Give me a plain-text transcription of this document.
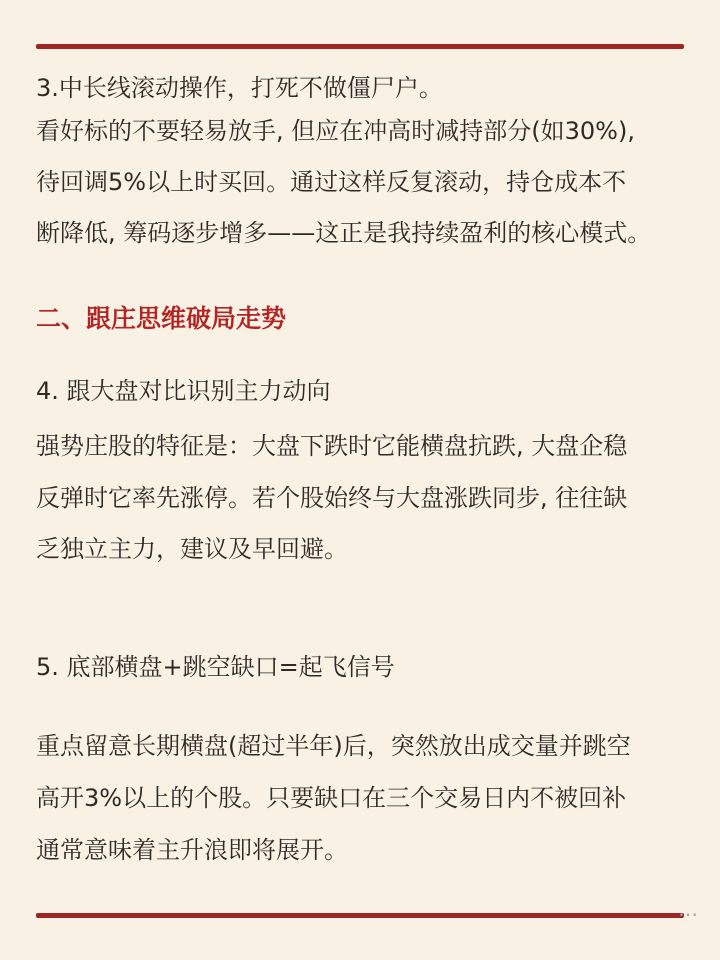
3.中长线滚动操作，打死不做僵尸户。
看好标的不要轻易放手, 但应在冲高时减持部分(如30%),
待回调5%以上时买回。通过这样反复滚动，持仓成本不
断降低, 筹码逐步增多——这正是我持续盈利的核心模式。
二、跟庄思维破局走势
4. 跟大盘对比识别主力动向
强势庄股的特征是：大盘下跌时它能横盘抗跌, 大盘企稳
反弹时它率先涨停。若个股始终与大盘涨跌同步, 往往缺
乏独立主力，建议及早回避。
5. 底部横盘+跳空缺口=起飞信号
重点留意长期横盘(超过半年)后，突然放出成交量并跳空
高开3%以上的个股。只要缺口在三个交易日内不被回补
通常意味着主升浪即将展开。
⋯
